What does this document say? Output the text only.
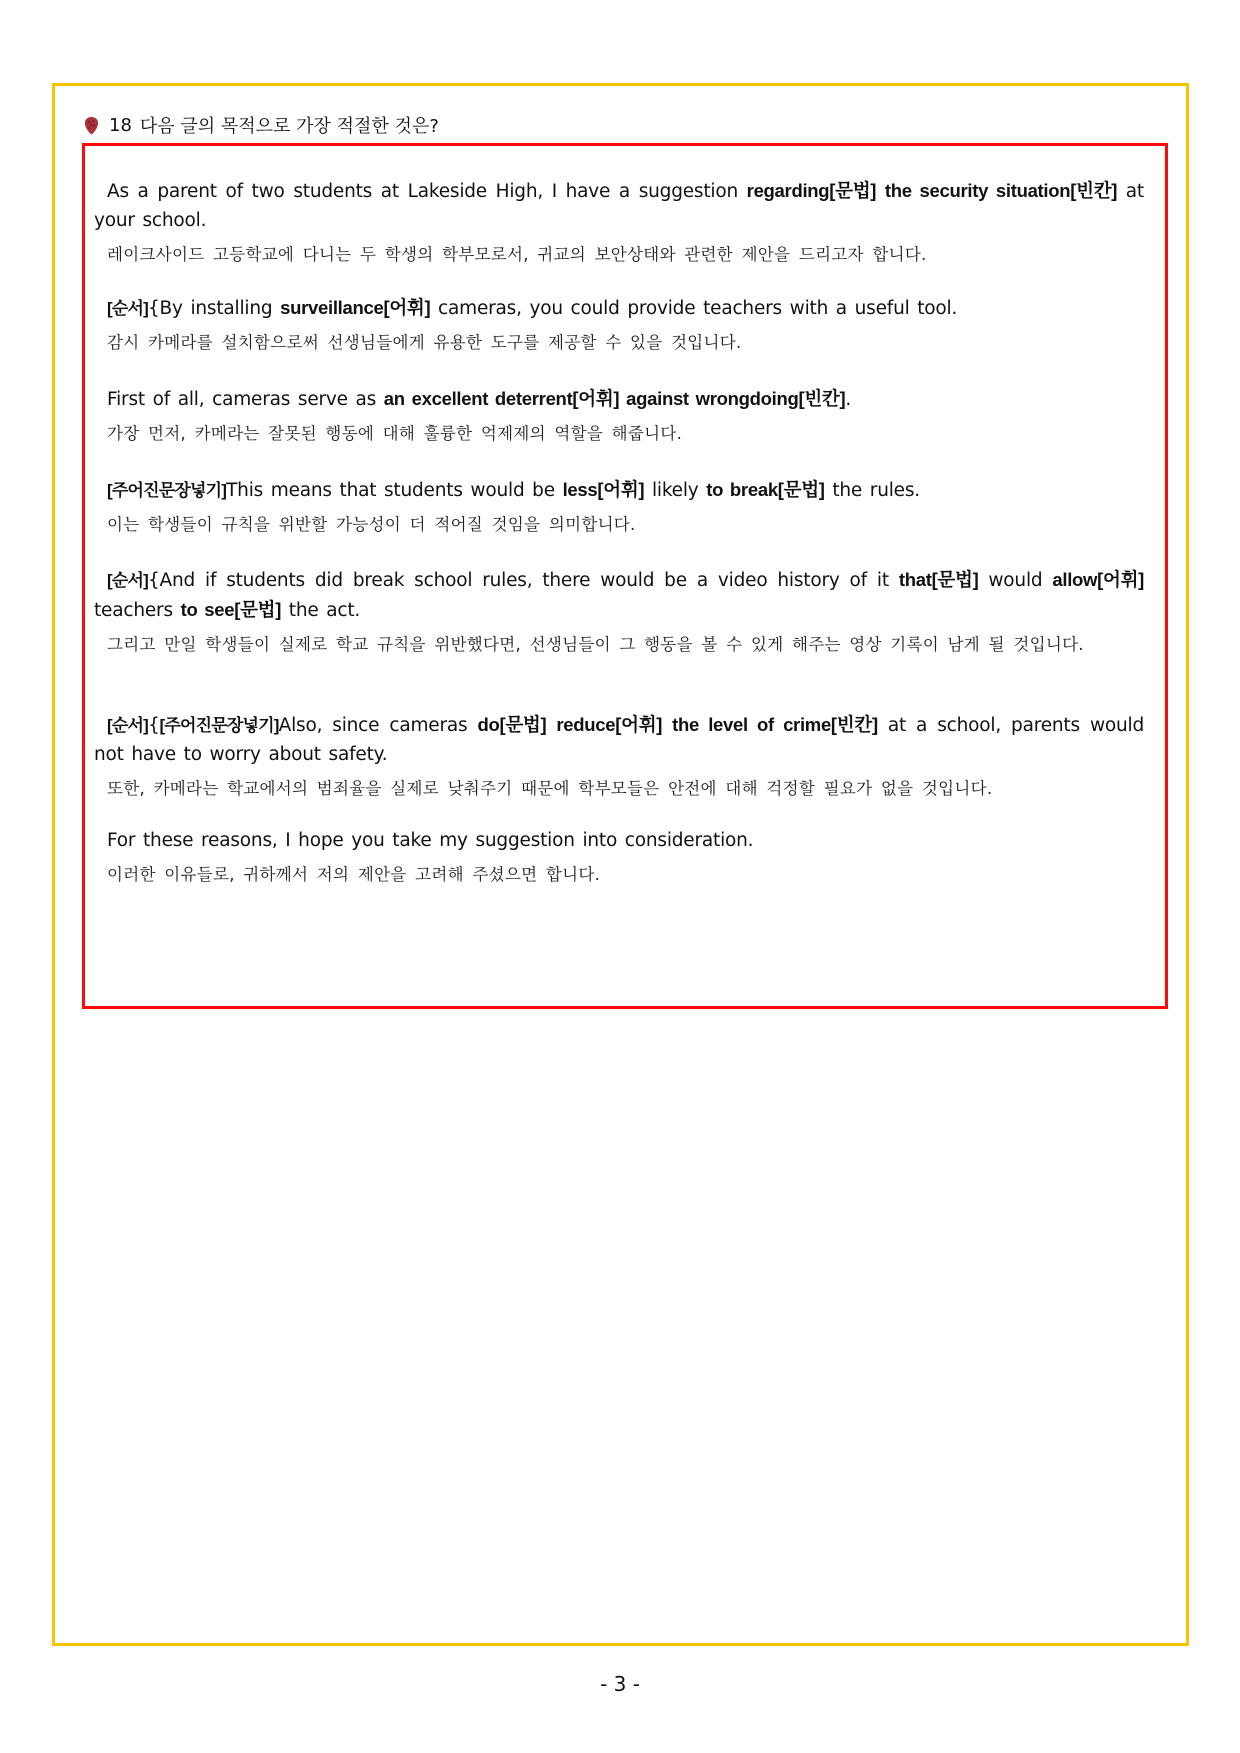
18 다음 글의 목적으로 가장 적절한 것은?
As a parent of two students at Lakeside High, I have a suggestion regarding[문법] the security situation[빈칸] at your school.
레이크사이드 고등학교에 다니는 두 학생의 학부모로서, 귀교의 보안상태와 관련한 제안을 드리고자 합니다.
[순서]{By installing surveillance[어휘] cameras, you could provide teachers with a useful tool.
감시 카메라를 설치함으로써 선생님들에게 유용한 도구를 제공할 수 있을 것입니다.
First of all, cameras serve as an excellent deterrent[어휘] against wrongdoing[빈칸].
가장 먼저, 카메라는 잘못된 행동에 대해 훌륭한 억제제의 역할을 해줍니다.
[주어진문장넣기]This means that students would be less[어휘] likely to break[문법] the rules.
이는 학생들이 규칙을 위반할 가능성이 더 적어질 것임을 의미합니다.
[순서]{And if students did break school rules, there would be a video history of it that[문법] would allow[어휘] teachers to see[문법] the act.
그리고 만일 학생들이 실제로 학교 규칙을 위반했다면, 선생님들이 그 행동을 볼 수 있게 해주는 영상 기록이 남게 될 것입니다.
[순서]{[주어진문장넣기]Also, since cameras do[문법] reduce[어휘] the level of crime[빈칸] at a school, parents would not have to worry about safety.
또한, 카메라는 학교에서의 범죄율을 실제로 낮춰주기 때문에 학부모들은 안전에 대해 걱정할 필요가 없을 것입니다.
For these reasons, I hope you take my suggestion into consideration.
이러한 이유들로, 귀하께서 저의 제안을 고려해 주셨으면 합니다.
- 3 -
